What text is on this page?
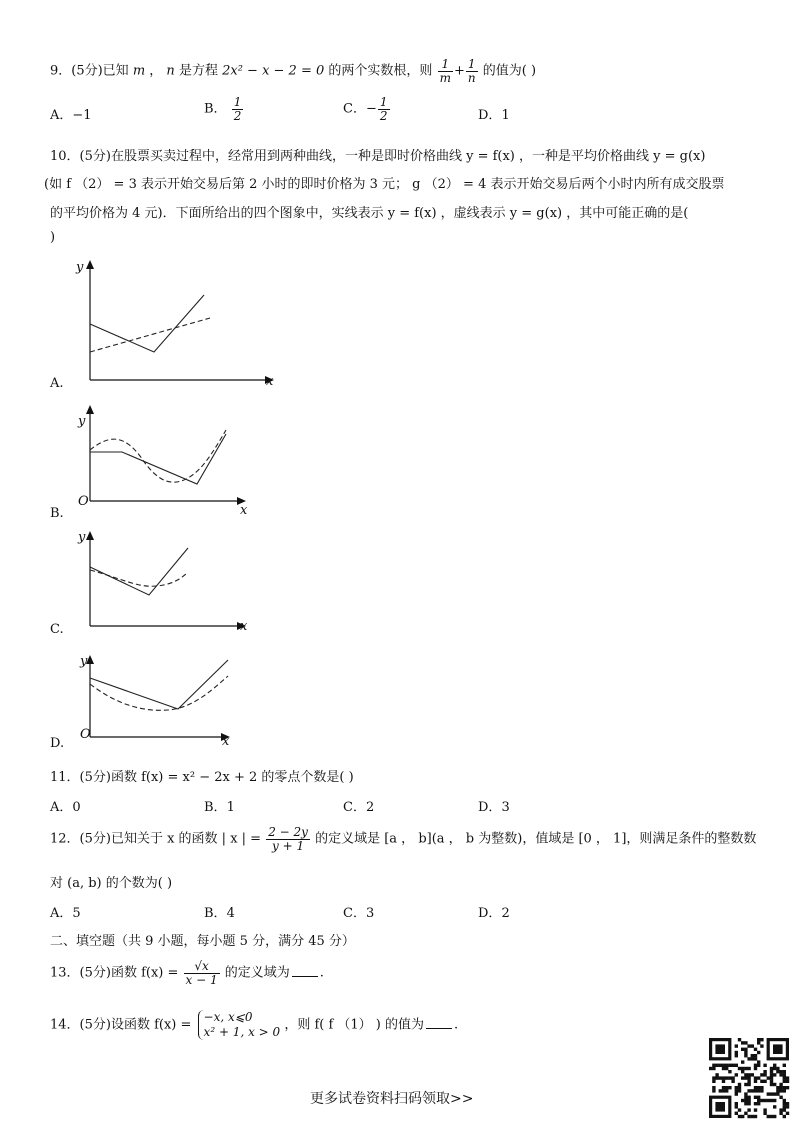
9．(5分)已知 m ， n 是方程 2x² − x − 2 = 0 的两个实数根，则 $\frac{1}{m} + \frac{1}{n}$ 的值为( )
A．−1	B． $\frac{1}{2}$	C．− $\frac{1}{2}$	D．1
10．(5分)在股票买卖过程中，经常用到两种曲线，一种是即时价格曲线 y = f(x) ，一种是平均价格曲线 y = g(x)
(如 f （2） = 3 表示开始交易后第 2 小时的即时价格为 3 元； g （2） = 4 表示开始交易后两个小时内所有成交股票
的平均价格为 4 元)．下面所给出的四个图象中，实线表示 y = f(x) ，虚线表示 y = g(x) ，其中可能正确的是(
)
y
x
A.
y
O
x
B.
y
x
C.
y
O	x
D.
11．(5分)函数 f(x) = x² − 2x + 2 的零点个数是( )
A．0	B．1	C．2	D．3
12．(5分)已知关于 x 的函数 | x | = $\frac{2 - 2y}{y + 1}$ 的定义域是 [a ， b](a ， b 为整数)，值域是 [0 ， 1]，则满足条件的整数数
对 (a, b) 的个数为( )
A．5	B．4	C．3	D．2
二、填空题（共 9 小题，每小题 5 分，满分 45 分）
13．(5分)函数 $f(x) = \frac{√x}{x - 1}$ 的定义域为 .
14．(5分)设函数 f(x) =
−x, x⩽0
x² + 1, x > 0 ，则 f( f （1） ) 的值为 .
更多试卷资料扫码领取>>
